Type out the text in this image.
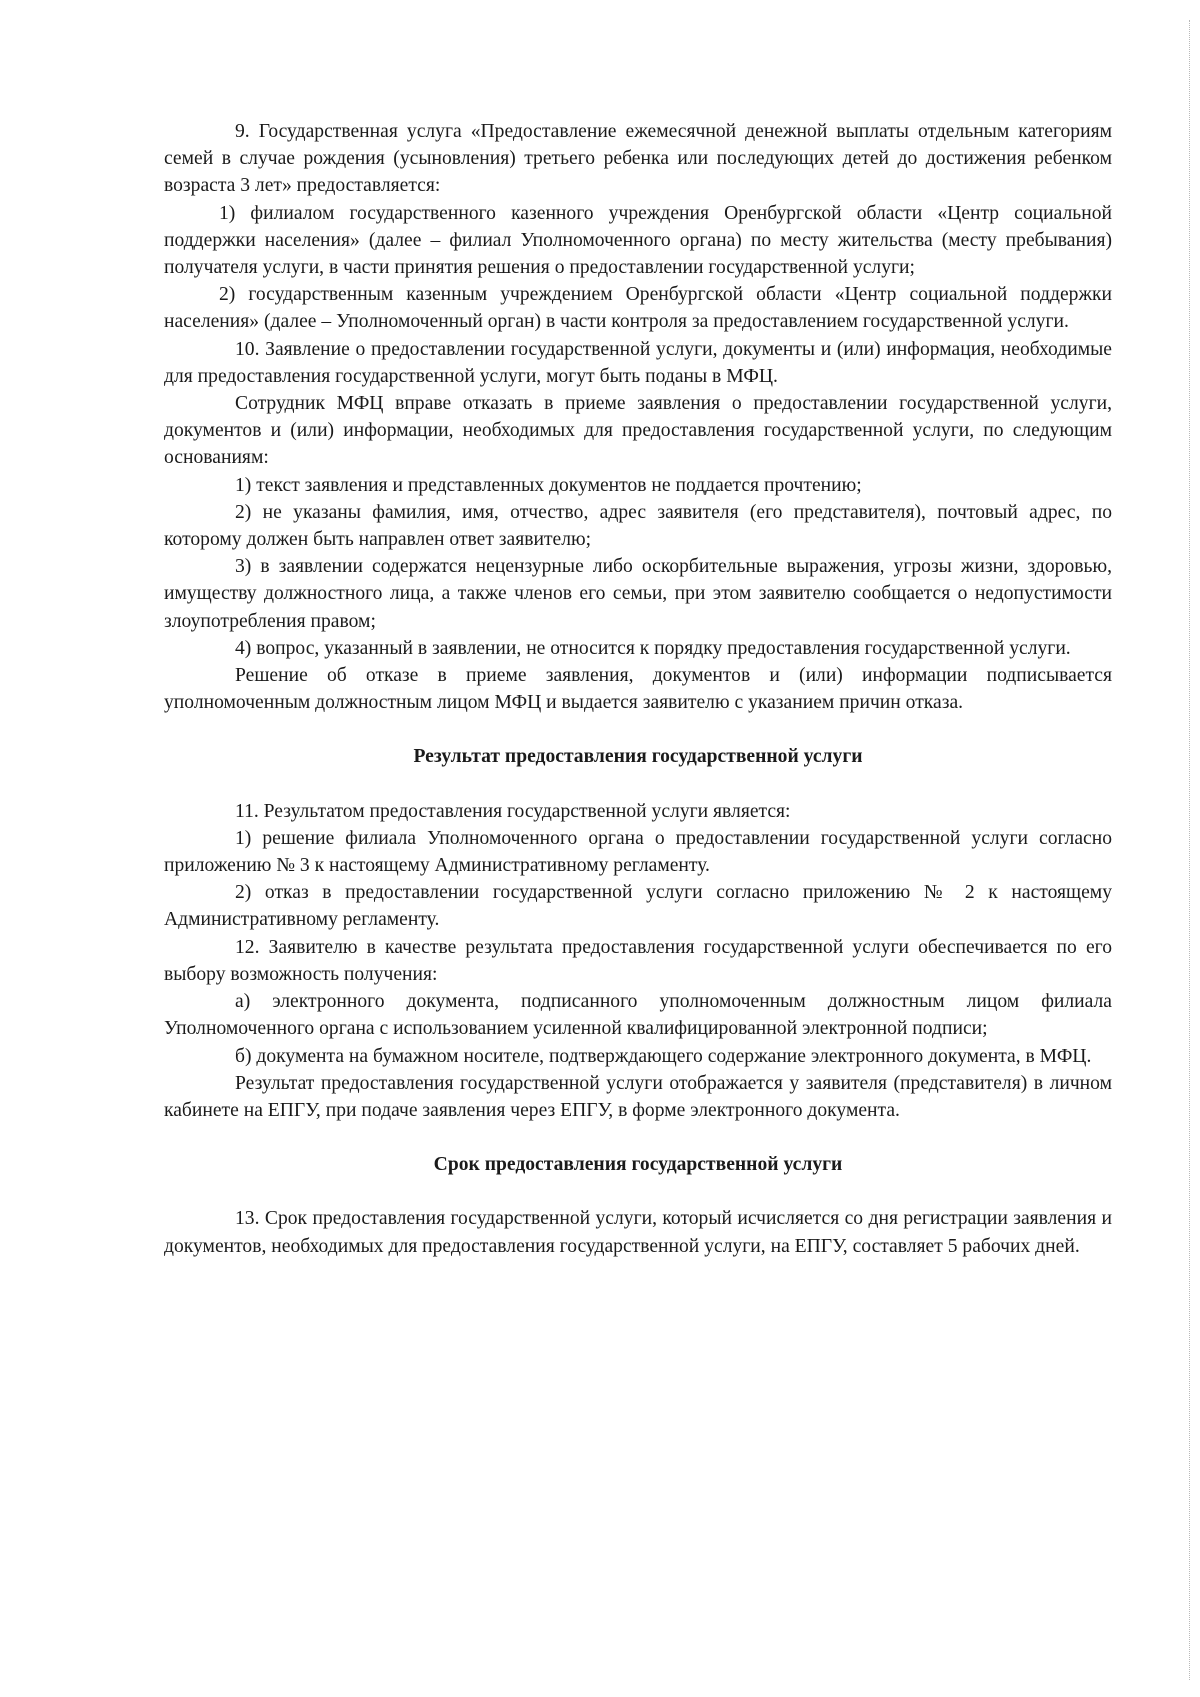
9. Государственная услуга «Предоставление ежемесячной денежной выплаты отдельным категориям семей в случае рождения (усыновления) третьего ребенка или последующих детей до достижения ребенком возраста 3 лет» предоставляется:

1) филиалом государственного казенного учреждения Оренбургской области «Центр социальной поддержки населения» (далее – филиал Уполномоченного органа) по месту жительства (месту пребывания) получателя услуги, в части принятия решения о предоставлении государственной услуги;

2) государственным казенным учреждением Оренбургской области «Центр социальной поддержки населения» (далее – Уполномоченный орган) в части контроля за предоставлением государственной услуги.

10. Заявление о предоставлении государственной услуги, документы и (или) информация, необходимые для предоставления государственной услуги, могут быть поданы в МФЦ.

Сотрудник МФЦ вправе отказать в приеме заявления о предоставлении государственной услуги, документов и (или) информации, необходимых для предоставления государственной услуги, по следующим основаниям:

1) текст заявления и представленных документов не поддается прочтению;

2) не указаны фамилия, имя, отчество, адрес заявителя (его представителя), почтовый адрес, по которому должен быть направлен ответ заявителю;

3) в заявлении содержатся нецензурные либо оскорбительные выражения, угрозы жизни, здоровью, имуществу должностного лица, а также членов его семьи, при этом заявителю сообщается о недопустимости злоупотребления правом;

4) вопрос, указанный в заявлении, не относится к порядку предоставления государственной услуги.

Решение об отказе в приеме заявления, документов и (или) информации подписывается уполномоченным должностным лицом МФЦ и выдается заявителю с указанием причин отказа.

Результат предоставления государственной услуги

11. Результатом предоставления государственной услуги является:

1) решение филиала Уполномоченного органа о предоставлении государственной услуги согласно приложению № 3 к настоящему Административному регламенту.

2) отказ в предоставлении государственной услуги согласно приложению № 2 к настоящему Административному регламенту.

12. Заявителю в качестве результата предоставления государственной услуги обеспечивается по его выбору возможность получения:

а) электронного документа, подписанного уполномоченным должностным лицом филиала Уполномоченного органа с использованием усиленной квалифицированной электронной подписи;

б) документа на бумажном носителе, подтверждающего содержание электронного документа, в МФЦ.

Результат предоставления государственной услуги отображается у заявителя (представителя) в личном кабинете на ЕПГУ, при подаче заявления через ЕПГУ, в форме электронного документа.

Срок предоставления государственной услуги

13. Срок предоставления государственной услуги, который исчисляется со дня регистрации заявления и документов, необходимых для предоставления государственной услуги, на ЕПГУ, составляет 5 рабочих дней.
